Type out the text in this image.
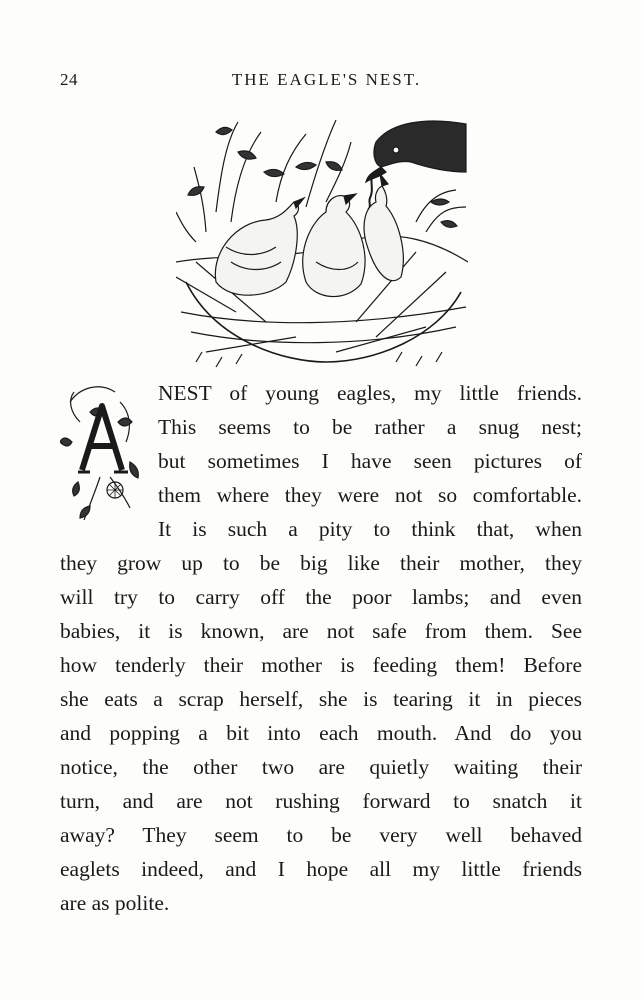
24	THE EAGLE'S NEST.
NEST of young eagles, my little friends.
This seems to be rather a snug nest;
but sometimes I have seen pictures of
them where they were not so comfortable.
It is such a pity to think that, when
they grow up to be big like their mother, they
will try to carry off the poor lambs; and even
babies, it is known, are not safe from them. See
how tenderly their mother is feeding them! Before
she eats a scrap herself, she is tearing it in pieces
and popping a bit into each mouth. And do you
notice, the other two are quietly waiting their
turn, and are not rushing forward to snatch it
away? They seem to be very well behaved
eaglets indeed, and I hope all my little friends
are as polite.
